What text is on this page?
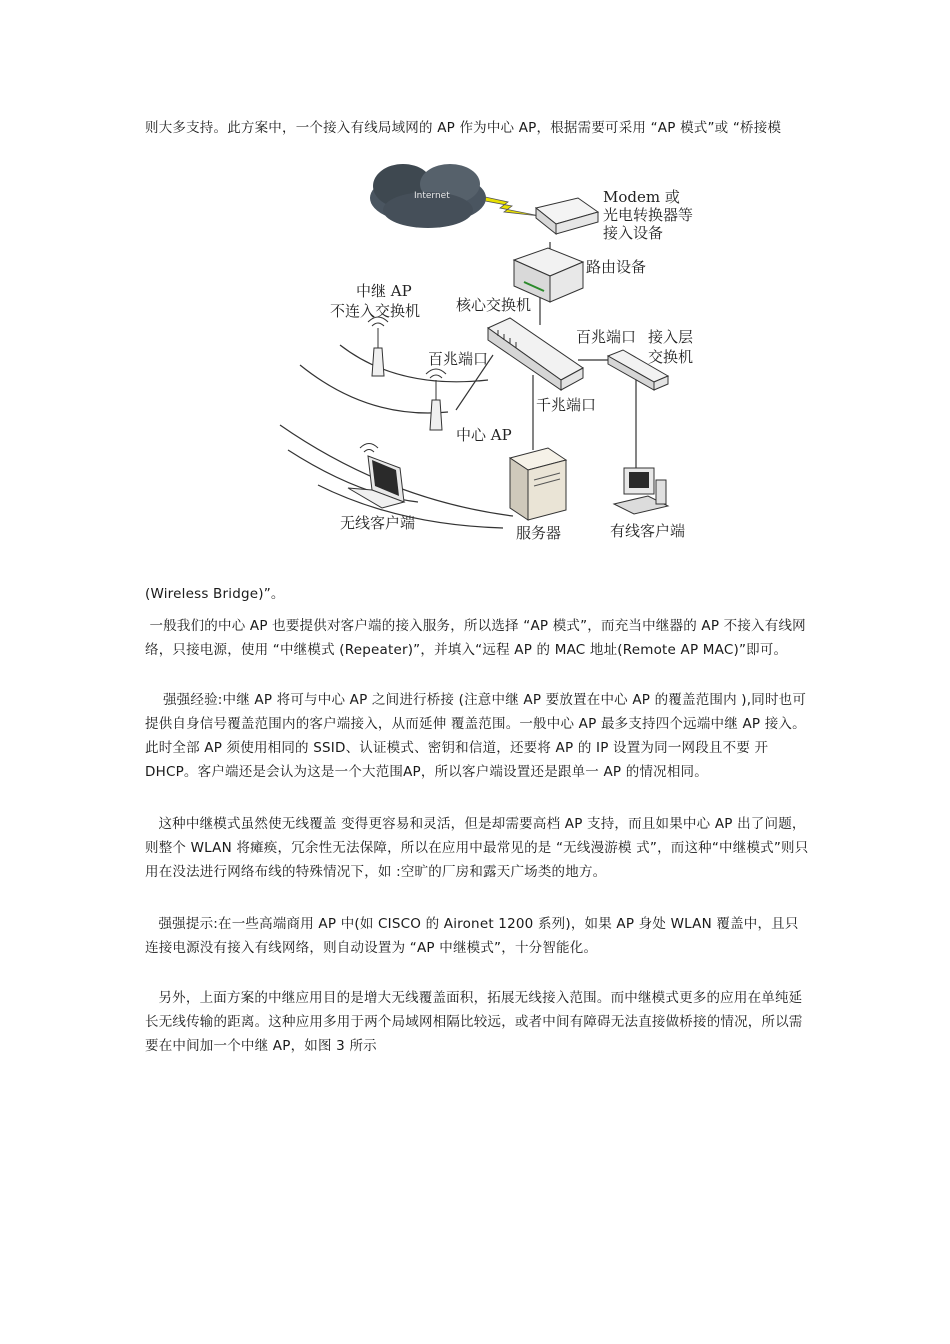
则大多支持。此方案中，一个接入有线局域网的 AP 作为中心 AP，根据需要可采用 “AP 模式”或 “桥接模

Internet	Modem 或
光电转换器等
接入设备
路由设备
核心交换机
中继 AP
不连入交换机
百兆端口
中心 AP
百兆端口 接入层
交换机
千兆端口
服务器	有线客户端
无线客户端

(Wireless Bridge)”。

一般我们的中心 AP 也要提供对客户端的接入服务，所以选择 “AP 模式”，而充当中继器的 AP 不接入有线网络，只接电源，使用 “中继模式 (Repeater)”，并填入“远程 AP 的 MAC 地址(Remote AP MAC)”即可。

强强经验:中继 AP 将可与中心 AP 之间进行桥接 (注意中继 AP 要放置在中心 AP 的覆盖范围内 ),同时也可提供自身信号覆盖范围内的客户端接入，从而延伸 覆盖范围。一般中心 AP 最多支持四个远端中继 AP 接入。此时全部 AP 须使用相同的 SSID、认证模式、密钥和信道，还要将 AP 的 IP 设置为同一网段且不要 开 DHCP。客户端还是会认为这是一个大范围AP，所以客户端设置还是跟单一 AP 的情况相同。

这种中继模式虽然使无线覆盖 变得更容易和灵活，但是却需要高档 AP 支持，而且如果中心 AP 出了问题，则整个 WLAN 将瘫痪，冗余性无法保障，所以在应用中最常见的是 “无线漫游模 式”，而这种“中继模式”则只用在没法进行网络布线的特殊情况下，如 :空旷的厂房和露天广场类的地方。

强强提示:在一些高端商用 AP 中(如 CISCO 的 Aironet 1200 系列)，如果 AP 身处 WLAN 覆盖中，且只连接电源没有接入有线网络，则自动设置为 “AP 中继模式”，十分智能化。

另外，上面方案的中继应用目的是增大无线覆盖面积，拓展无线接入范围。而中继模式更多的应用在单纯延长无线传输的距离。这种应用多用于两个局域网相隔比较远，或者中间有障碍无法直接做桥接的情况，所以需要在中间加一个中继 AP，如图 3 所示
